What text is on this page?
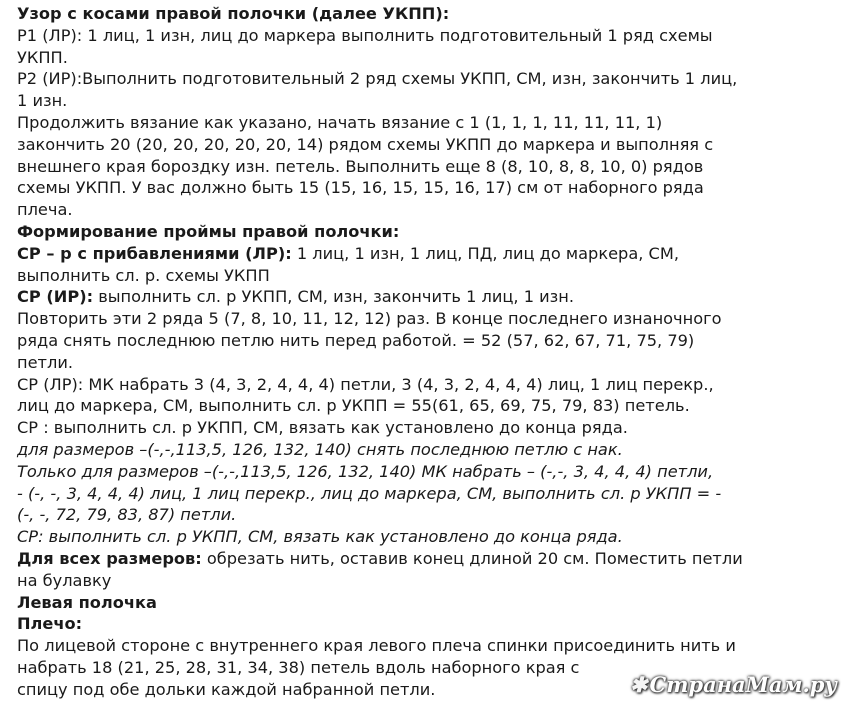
Узор с косами правой полочки (далее УКПП):
P1 (ЛР): 1 лиц, 1 изн, лиц до маркера выполнить подготовительный 1 ряд схемы
УКПП.
Р2 (ИР):Выполнить подготовительный 2 ряд схемы УКПП, СМ, изн, закончить 1 лиц,
1 изн.
Продолжить вязание как указано, начать вязание с 1 (1, 1, 1, 11, 11, 11, 1)
закончить 20 (20, 20, 20, 20, 20, 14) рядом схемы УКПП до маркера и выполняя с
внешнего края бороздку изн. петель. Выполнить еще 8 (8, 10, 8, 8, 10, 0) рядов
схемы УКПП. У вас должно быть 15 (15, 16, 15, 15, 16, 17) см от наборного ряда
плеча.
Формирование проймы правой полочки:
СР – р с прибавлениями (ЛР): 1 лиц, 1 изн, 1 лиц, ПД, лиц до маркера, СМ,
выполнить сл. р. схемы УКПП
СР (ИР): выполнить сл. р УКПП, СМ, изн, закончить 1 лиц, 1 изн.
Повторить эти 2 ряда 5 (7, 8, 10, 11, 12, 12) раз. В конце последнего изнаночного
ряда снять последнюю петлю нить перед работой. = 52 (57, 62, 67, 71, 75, 79)
петли.
СР (ЛР): МК набрать 3 (4, 3, 2, 4, 4, 4) петли, 3 (4, 3, 2, 4, 4, 4) лиц, 1 лиц перекр.,
лиц до маркера, СМ, выполнить сл. р УКПП = 55(61, 65, 69, 75, 79, 83) петель.
СР : выполнить сл. р УКПП, СМ, вязать как установлено до конца ряда.
для размеров –(-,-,113,5, 126, 132, 140) снять последнюю петлю с нак.
Только для размеров –(-,-,113,5, 126, 132, 140) МК набрать – (-,-, 3, 4, 4, 4) петли,
- (-, -, 3, 4, 4, 4) лиц, 1 лиц перекр., лиц до маркера, СМ, выполнить сл. р УКПП = -
(-, -, 72, 79, 83, 87) петли.
СР: выполнить сл. р УКПП, СМ, вязать как установлено до конца ряда.
Для всех размеров: обрезать нить, оставив конец длиной 20 см. Поместить петли
на булавку
Левая полочка
Плечо:
По лицевой стороне с внутреннего края левого плеча спинки присоединить нить и
набрать 18 (21, 25, 28, 31, 34, 38) петель вдоль наборного края с
спицу под обе дольки каждой набранной петли.	✱СтранаМам.ру
